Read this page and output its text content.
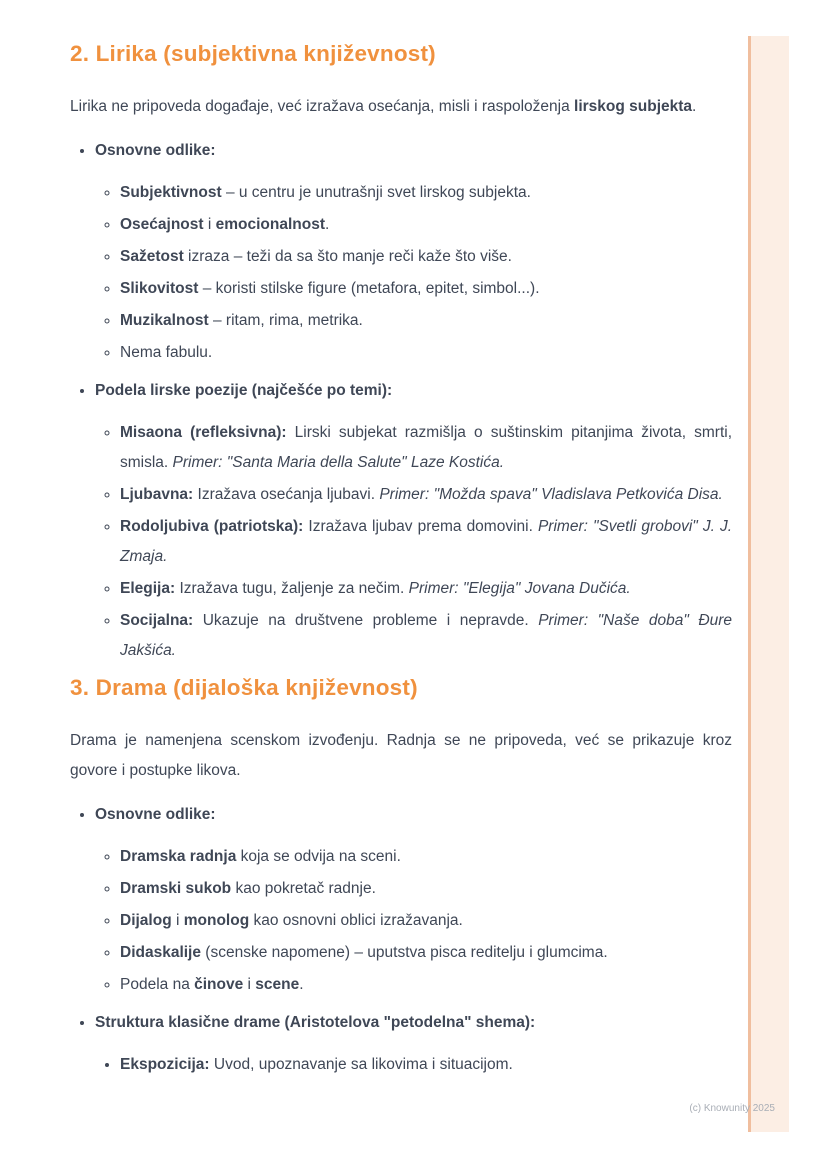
(c) Knowunity 2025
2. Lirika (subjektivna književnost)

Lirika ne pripoveda događaje, već izražava osećanja, misli i raspoloženja lirskog subjekta.

• Osnovne odlike:
◦ Subjektivnost – u centru je unutrašnji svet lirskog subjekta.
◦ Osećajnost i emocionalnost.
◦ Sažetost izraza – teži da sa što manje reči kaže što više.
◦ Slikovitost – koristi stilske figure (metafora, epitet, simbol...).
◦ Muzikalnost – ritam, rima, metrika.
◦ Nema fabulu.
• Podela lirske poezije (najčešće po temi):
◦ Misaona (refleksivna): Lirski subjekat razmišlja o suštinskim pitanjima života, smrti, smisla. Primer: "Santa Maria della Salute" Laze Kostića.
◦ Ljubavna: Izražava osećanja ljubavi. Primer: "Možda spava" Vladislava Petkovića Disa.
◦ Rodoljubiva (patriotska): Izražava ljubav prema domovini. Primer: "Svetli grobovi" J. J. Zmaja.
◦ Elegija: Izražava tugu, žaljenje za nečim. Primer: "Elegija" Jovana Dučića.
◦ Socijalna: Ukazuje na društvene probleme i nepravde. Primer: "Naše doba" Đure Jakšića.
3. Drama (dijaloška književnost)

Drama je namenjena scenskom izvođenju. Radnja se ne pripoveda, već se prikazuje kroz govore i postupke likova.

• Osnovne odlike:
◦ Dramska radnja koja se odvija na sceni.
◦ Dramski sukob kao pokretač radnje.
◦ Dijalog i monolog kao osnovni oblici izražavanja.
◦ Didaskalije (scenske napomene) – uputstva pisca reditelju i glumcima.
◦ Podela na činove i scene.
• Struktura klasične drame (Aristotelova "petodelna" shema):
• Ekspozicija: Uvod, upoznavanje sa likovima i situacijom.
